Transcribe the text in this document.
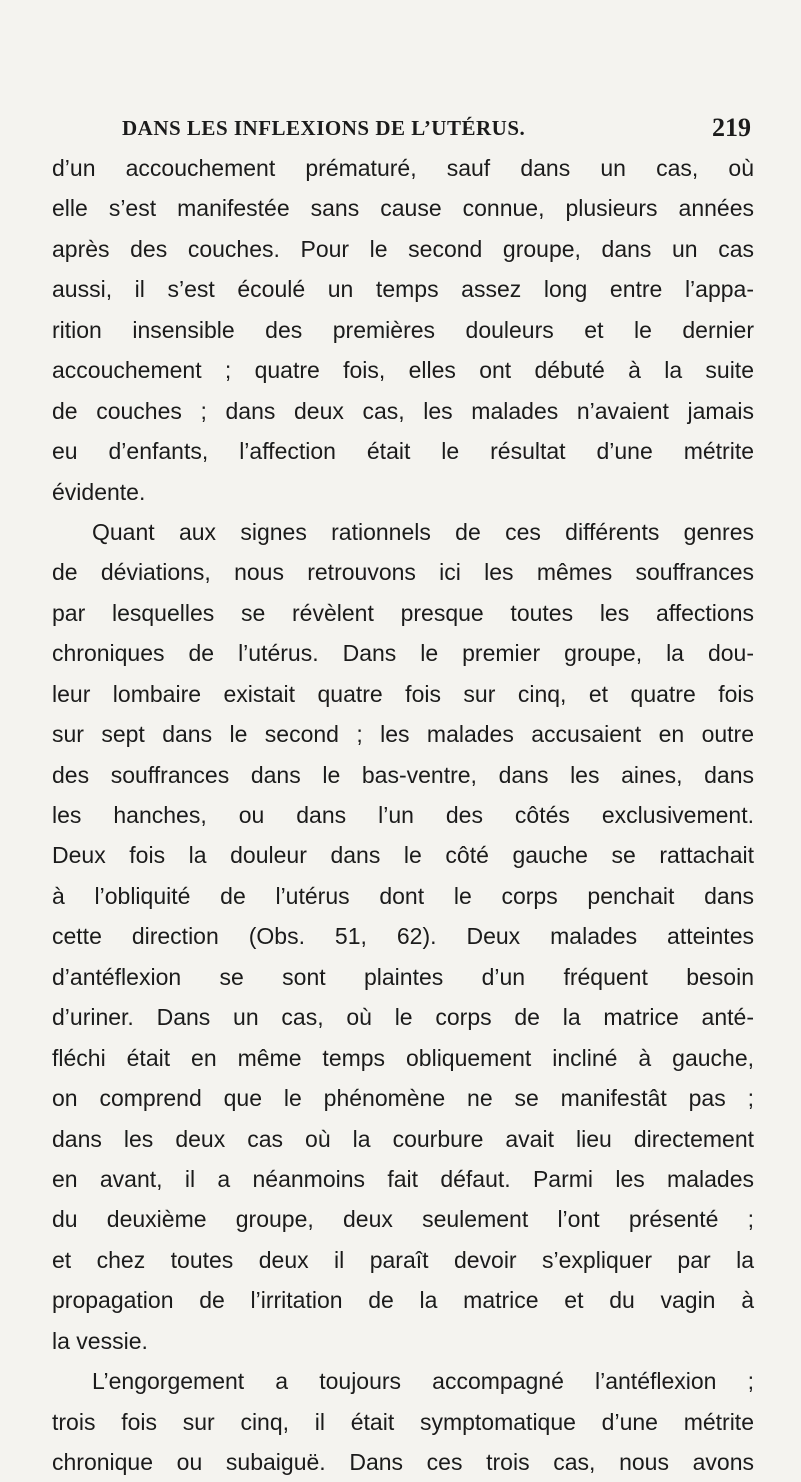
DANS LES INFLEXIONS DE L’UTÉRUS.	219
d’un accouchement prématuré, sauf dans un cas, où
elle s’est manifestée sans cause connue, plusieurs années
après des couches. Pour le second groupe, dans un cas
aussi, il s’est écoulé un temps assez long entre l’appa-
rition insensible des premières douleurs et le dernier
accouchement ; quatre fois, elles ont débuté à la suite
de couches ; dans deux cas, les malades n’avaient jamais
eu d’enfants, l’affection était le résultat d’une métrite
évidente.
Quant aux signes rationnels de ces différents genres
de déviations, nous retrouvons ici les mêmes souffrances
par lesquelles se révèlent presque toutes les affections
chroniques de l’utérus. Dans le premier groupe, la dou-
leur lombaire existait quatre fois sur cinq, et quatre fois
sur sept dans le second ; les malades accusaient en outre
des souffrances dans le bas-ventre, dans les aines, dans
les hanches, ou dans l’un des côtés exclusivement.
Deux fois la douleur dans le côté gauche se rattachait
à l’obliquité de l’utérus dont le corps penchait dans
cette direction (Obs. 51, 62). Deux malades atteintes
d’antéflexion se sont plaintes d’un fréquent besoin
d’uriner. Dans un cas, où le corps de la matrice anté-
fléchi était en même temps obliquement incliné à gauche,
on comprend que le phénomène ne se manifestât pas ;
dans les deux cas où la courbure avait lieu directement
en avant, il a néanmoins fait défaut. Parmi les malades
du deuxième groupe, deux seulement l’ont présenté ;
et chez toutes deux il paraît devoir s’expliquer par la
propagation de l’irritation de la matrice et du vagin à
la vessie.
L’engorgement a toujours accompagné l’antéflexion ;
trois fois sur cinq, il était symptomatique d’une métrite
chronique ou subaiguë. Dans ces trois cas, nous avons
